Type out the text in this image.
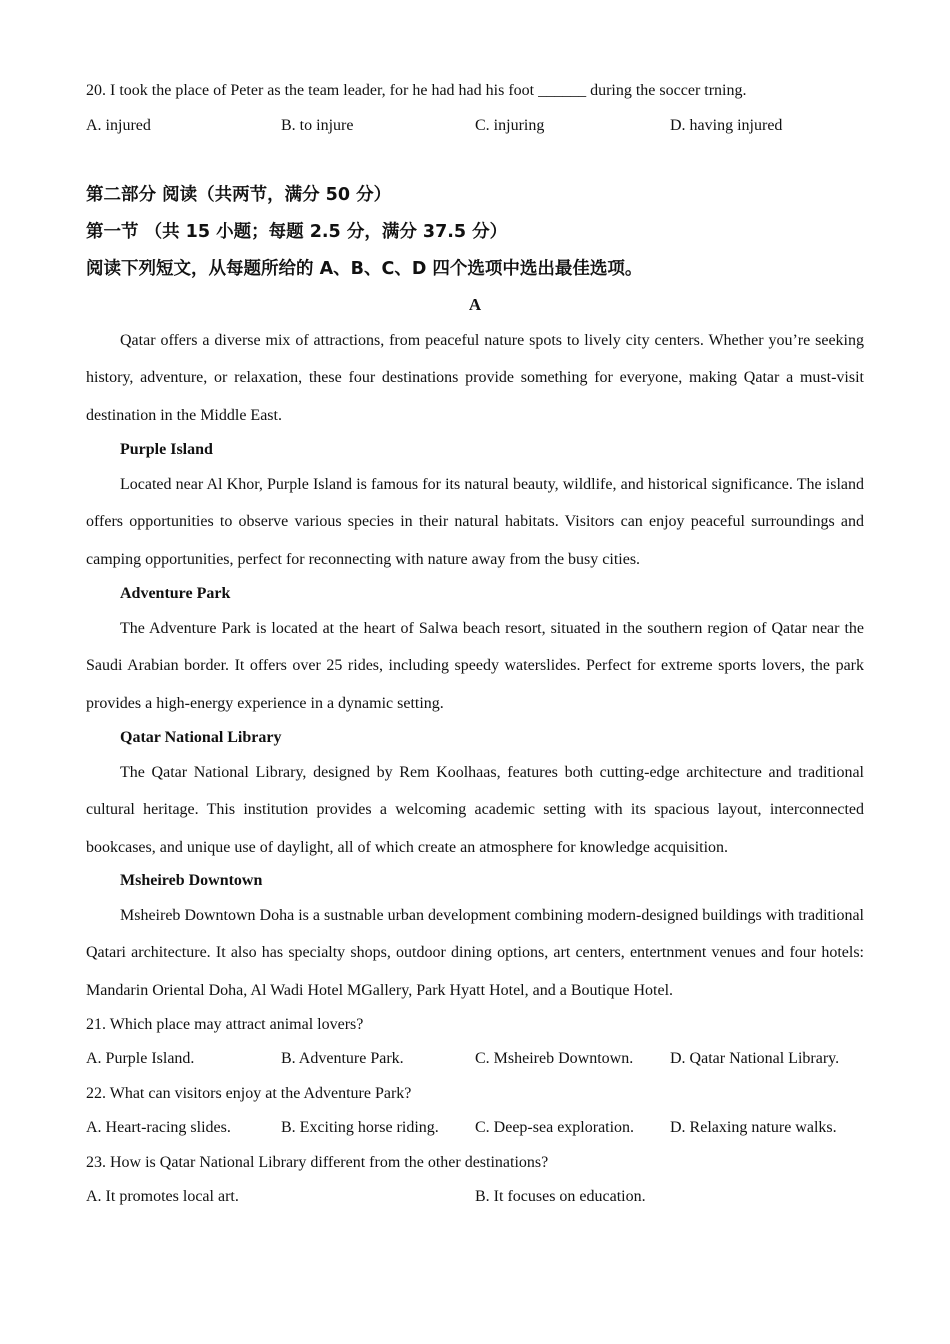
20. I took the place of Peter as the team leader, for he had had his foot ______ during the soccer trning.
A. injured	B. to injure	C. injuring	D. having injured
第二部分 阅读（共两节，满分 50 分）
第一节 （共 15 小题；每题 2.5 分，满分 37.5 分）
阅读下列短文，从每题所给的 A、B、C、D 四个选项中选出最佳选项。
A

Qatar offers a diverse mix of attractions, from peaceful nature spots to lively city centers. Whether you’re seeking history, adventure, or relaxation, these four destinations provide something for everyone, making Qatar a must-visit destination in the Middle East.

Purple Island

Located near Al Khor, Purple Island is famous for its natural beauty, wildlife, and historical significance. The island offers opportunities to observe various species in their natural habitats. Visitors can enjoy peaceful surroundings and camping opportunities, perfect for reconnecting with nature away from the busy cities.

Adventure Park

The Adventure Park is located at the heart of Salwa beach resort, situated in the southern region of Qatar near the Saudi Arabian border. It offers over 25 rides, including speedy waterslides. Perfect for extreme sports lovers, the park provides a high-energy experience in a dynamic setting.

Qatar National Library

The Qatar National Library, designed by Rem Koolhaas, features both cutting-edge architecture and traditional cultural heritage. This institution provides a welcoming academic setting with its spacious layout, interconnected bookcases, and unique use of daylight, all of which create an atmosphere for knowledge acquisition.

Msheireb Downtown

Msheireb Downtown Doha is a sustnable urban development combining modern-designed buildings with traditional Qatari architecture. It also has specialty shops, outdoor dining options, art centers, entertnment venues and four hotels: Mandarin Oriental Doha, Al Wadi Hotel MGallery, Park Hyatt Hotel, and a Boutique Hotel.

21. Which place may attract animal lovers?
A. Purple Island.	B. Adventure Park.	C. Msheireb Downtown. D. Qatar National Library.
22. What can visitors enjoy at the Adventure Park?
A. Heart-racing slides.	B. Exciting horse riding. C. Deep-sea exploration. D. Relaxing nature walks.
23. How is Qatar National Library different from the other destinations?
A. It promotes local art.	B. It focuses on education.
